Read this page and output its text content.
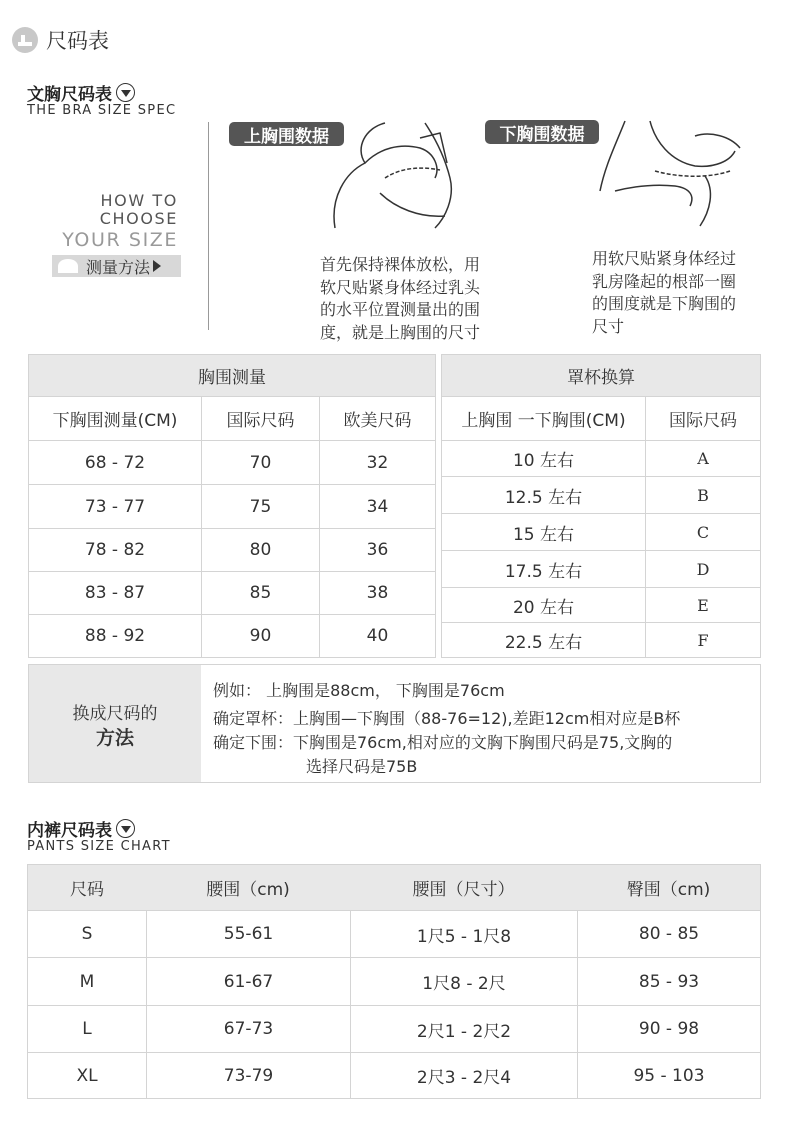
尺码表
文胸尺码表
THE BRA SIZE SPEC
HOW TO
CHOOSE
YOUR SIZE
测量方法
上胸围数据
首先保持裸体放松，用
软尺贴紧身体经过乳头
的水平位置测量出的围
度，就是上胸围的尺寸
下胸围数据
用软尺贴紧身体经过
乳房隆起的根部一圈
的围度就是下胸围的
尺寸
胸围测量
下胸围测量(CM)	国际尺码	欧美尺码
68 - 72	70	32
73 - 77	75	34
78 - 82	80	36
83 - 87	85	38
88 - 92	90	40
罩杯换算
上胸围 一下胸围(CM)	国际尺码
10 左右	A
12.5 左右	B
15 左右	C
17.5 左右	D
20 左右	E
22.5 左右	F
换成尺码的
方法
例如： 上胸围是88cm， 下胸围是76cm
确定罩杯：上胸围—下胸围（88-76=12),差距12cm相对应是B杯
确定下围：下胸围是76cm,相对应的文胸下胸围尺码是75,文胸的
选择尺码是75B
内裤尺码表
PANTS SIZE CHART
尺码	腰围（cm)	腰围（尺寸）	臀围（cm)
S	55-61	1尺5 - 1尺8	80 - 85
M	61-67	1尺8 - 2尺	85 - 93
L	67-73	2尺1 - 2尺2	90 - 98
XL	73-79	2尺3 - 2尺4	95 - 103
